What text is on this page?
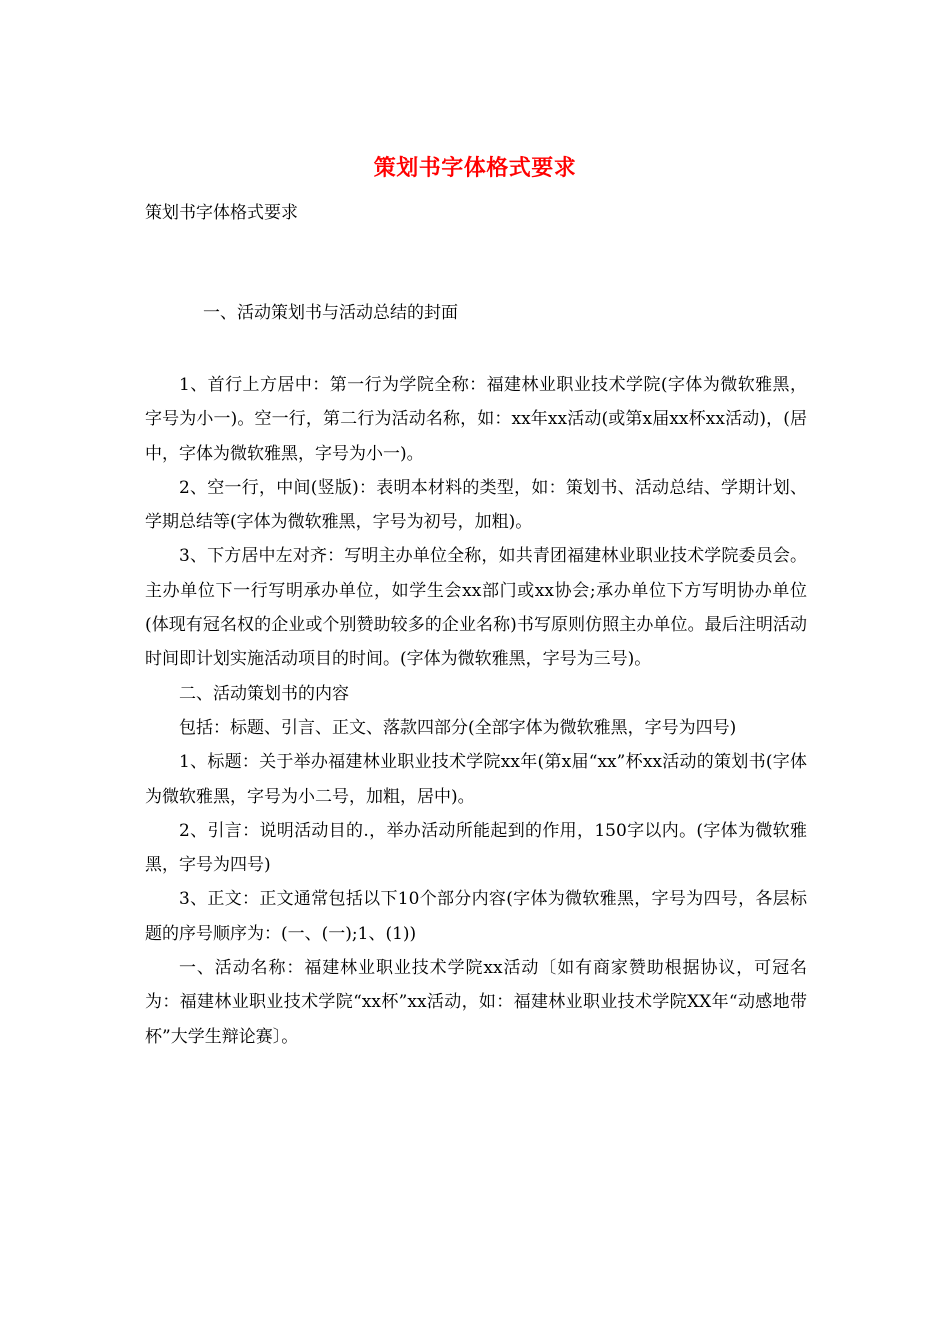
策划书字体格式要求
策划书字体格式要求
一、活动策划书与活动总结的封面

1、首行上方居中：第一行为学院全称：福建林业职业技术学院(字体为微软雅黑，字号为小一)。空一行，第二行为活动名称，如：xx年xx活动(或第x届xx杯xx活动)，(居中，字体为微软雅黑，字号为小一)。

2、空一行，中间(竖版)：表明本材料的类型，如：策划书、活动总结、学期计划、学期总结等(字体为微软雅黑，字号为初号，加粗)。

3、下方居中左对齐：写明主办单位全称，如共青团福建林业职业技术学院委员会。主办单位下一行写明承办单位，如学生会xx部门或xx协会;承办单位下方写明协办单位(体现有冠名权的企业或个别赞助较多的企业名称)书写原则仿照主办单位。最后注明活动时间即计划实施活动项目的时间。(字体为微软雅黑，字号为三号)。

二、活动策划书的内容

包括：标题、引言、正文、落款四部分(全部字体为微软雅黑，字号为四号)

1、标题：关于举办福建林业职业技术学院xx年(第x届“xx”杯xx活动的策划书(字体为微软雅黑，字号为小二号，加粗，居中)。

2、引言：说明活动目的.，举办活动所能起到的作用，150字以内。(字体为微软雅黑，字号为四号)

3、正文：正文通常包括以下10个部分内容(字体为微软雅黑，字号为四号，各层标题的序号顺序为：(一、(一);1、(1))

一、活动名称：福建林业职业技术学院xx活动〔如有商家赞助根据协议，可冠名为：福建林业职业技术学院“xx杯”xx活动，如：福建林业职业技术学院XX年“动感地带杯”大学生辩论赛〕。
